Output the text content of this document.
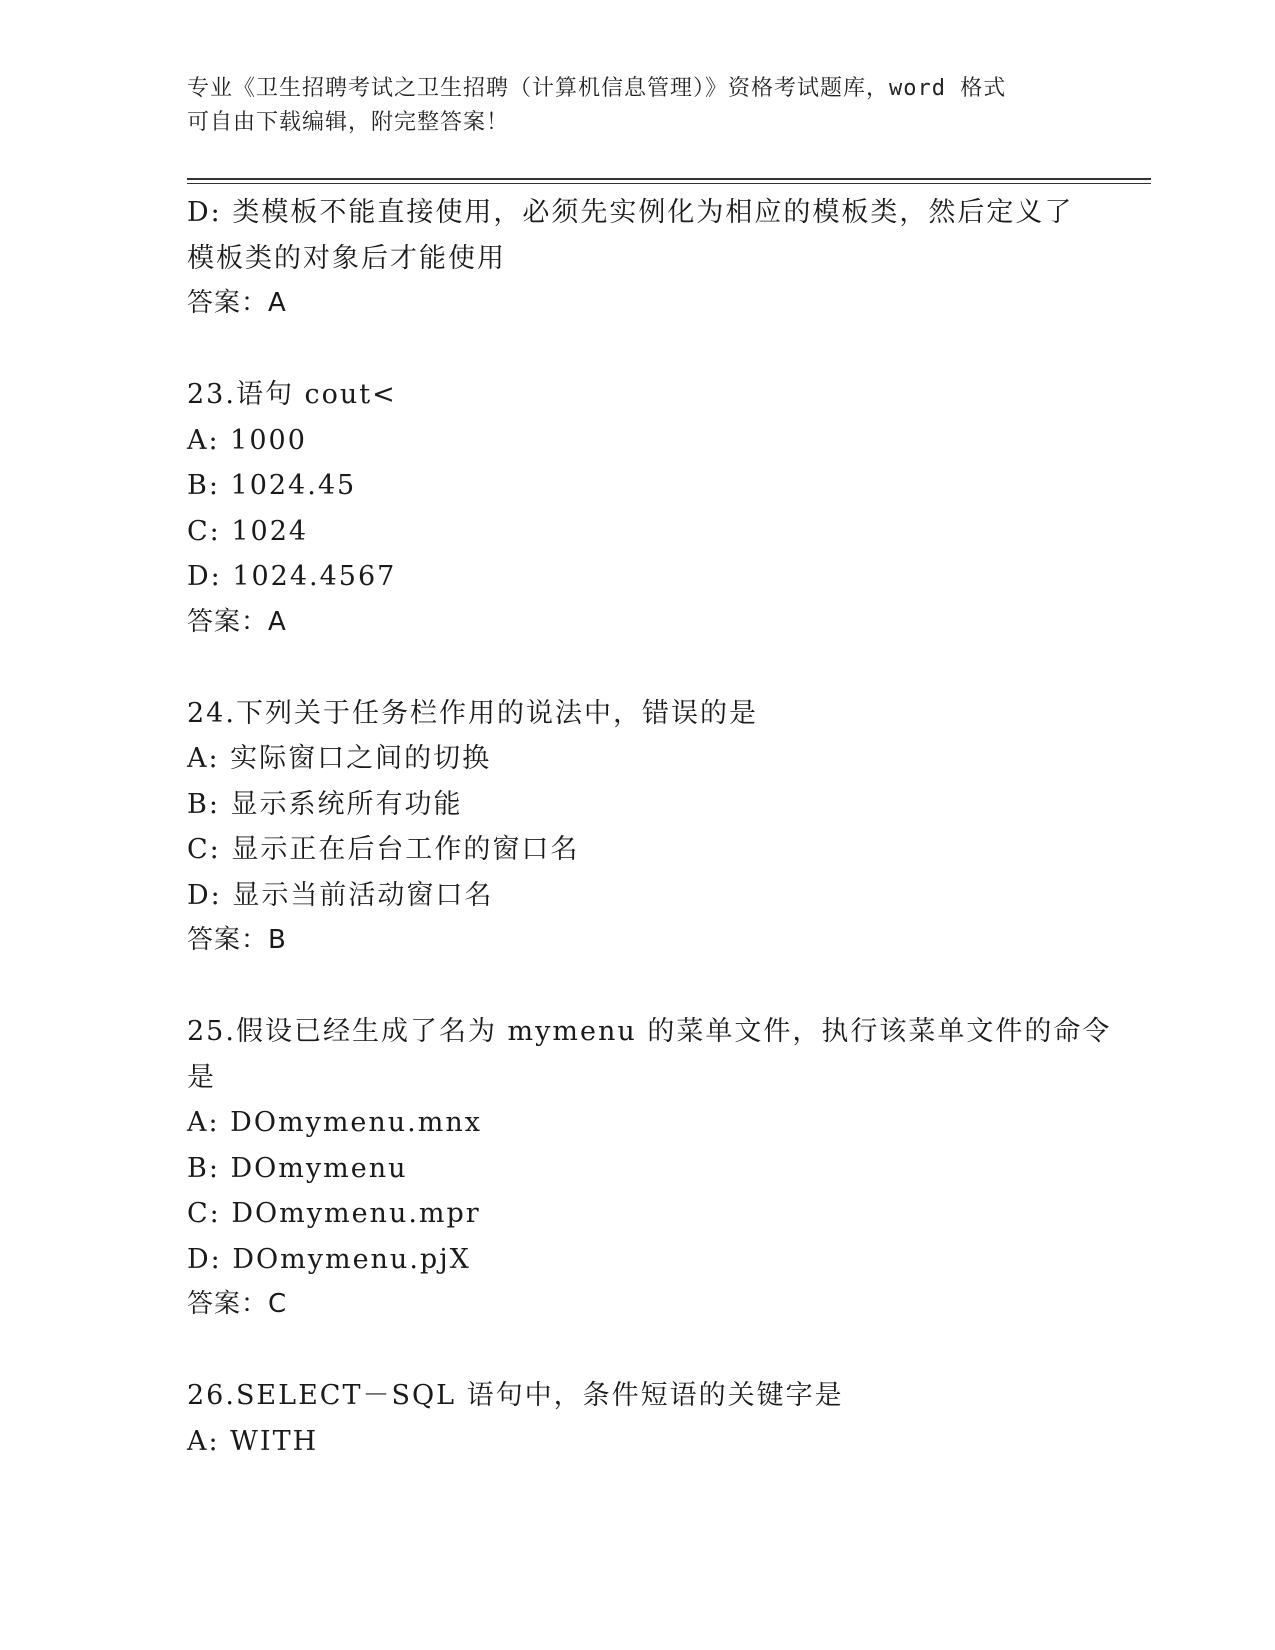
专业《卫生招聘考试之卫生招聘（计算机信息管理）》资格考试题库，word 格式
可自由下载编辑，附完整答案！
D: 类模板不能直接使用，必须先实例化为相应的模板类，然后定义了
模板类的对象后才能使用
答案：A
23.语句 cout<
A: 1000
B: 1024.45
C: 1024
D: 1024.4567
答案：A
24.下列关于任务栏作用的说法中，错误的是
A: 实际窗口之间的切换
B: 显示系统所有功能
C: 显示正在后台工作的窗口名
D: 显示当前活动窗口名
答案：B
25.假设已经生成了名为 mymenu 的菜单文件，执行该菜单文件的命令
是
A: DOmymenu.mnx
B: DOmymenu
C: DOmymenu.mpr
D: DOmymenu.pjX
答案：C
26.SELECT－SQL 语句中，条件短语的关键字是
A: WITH
